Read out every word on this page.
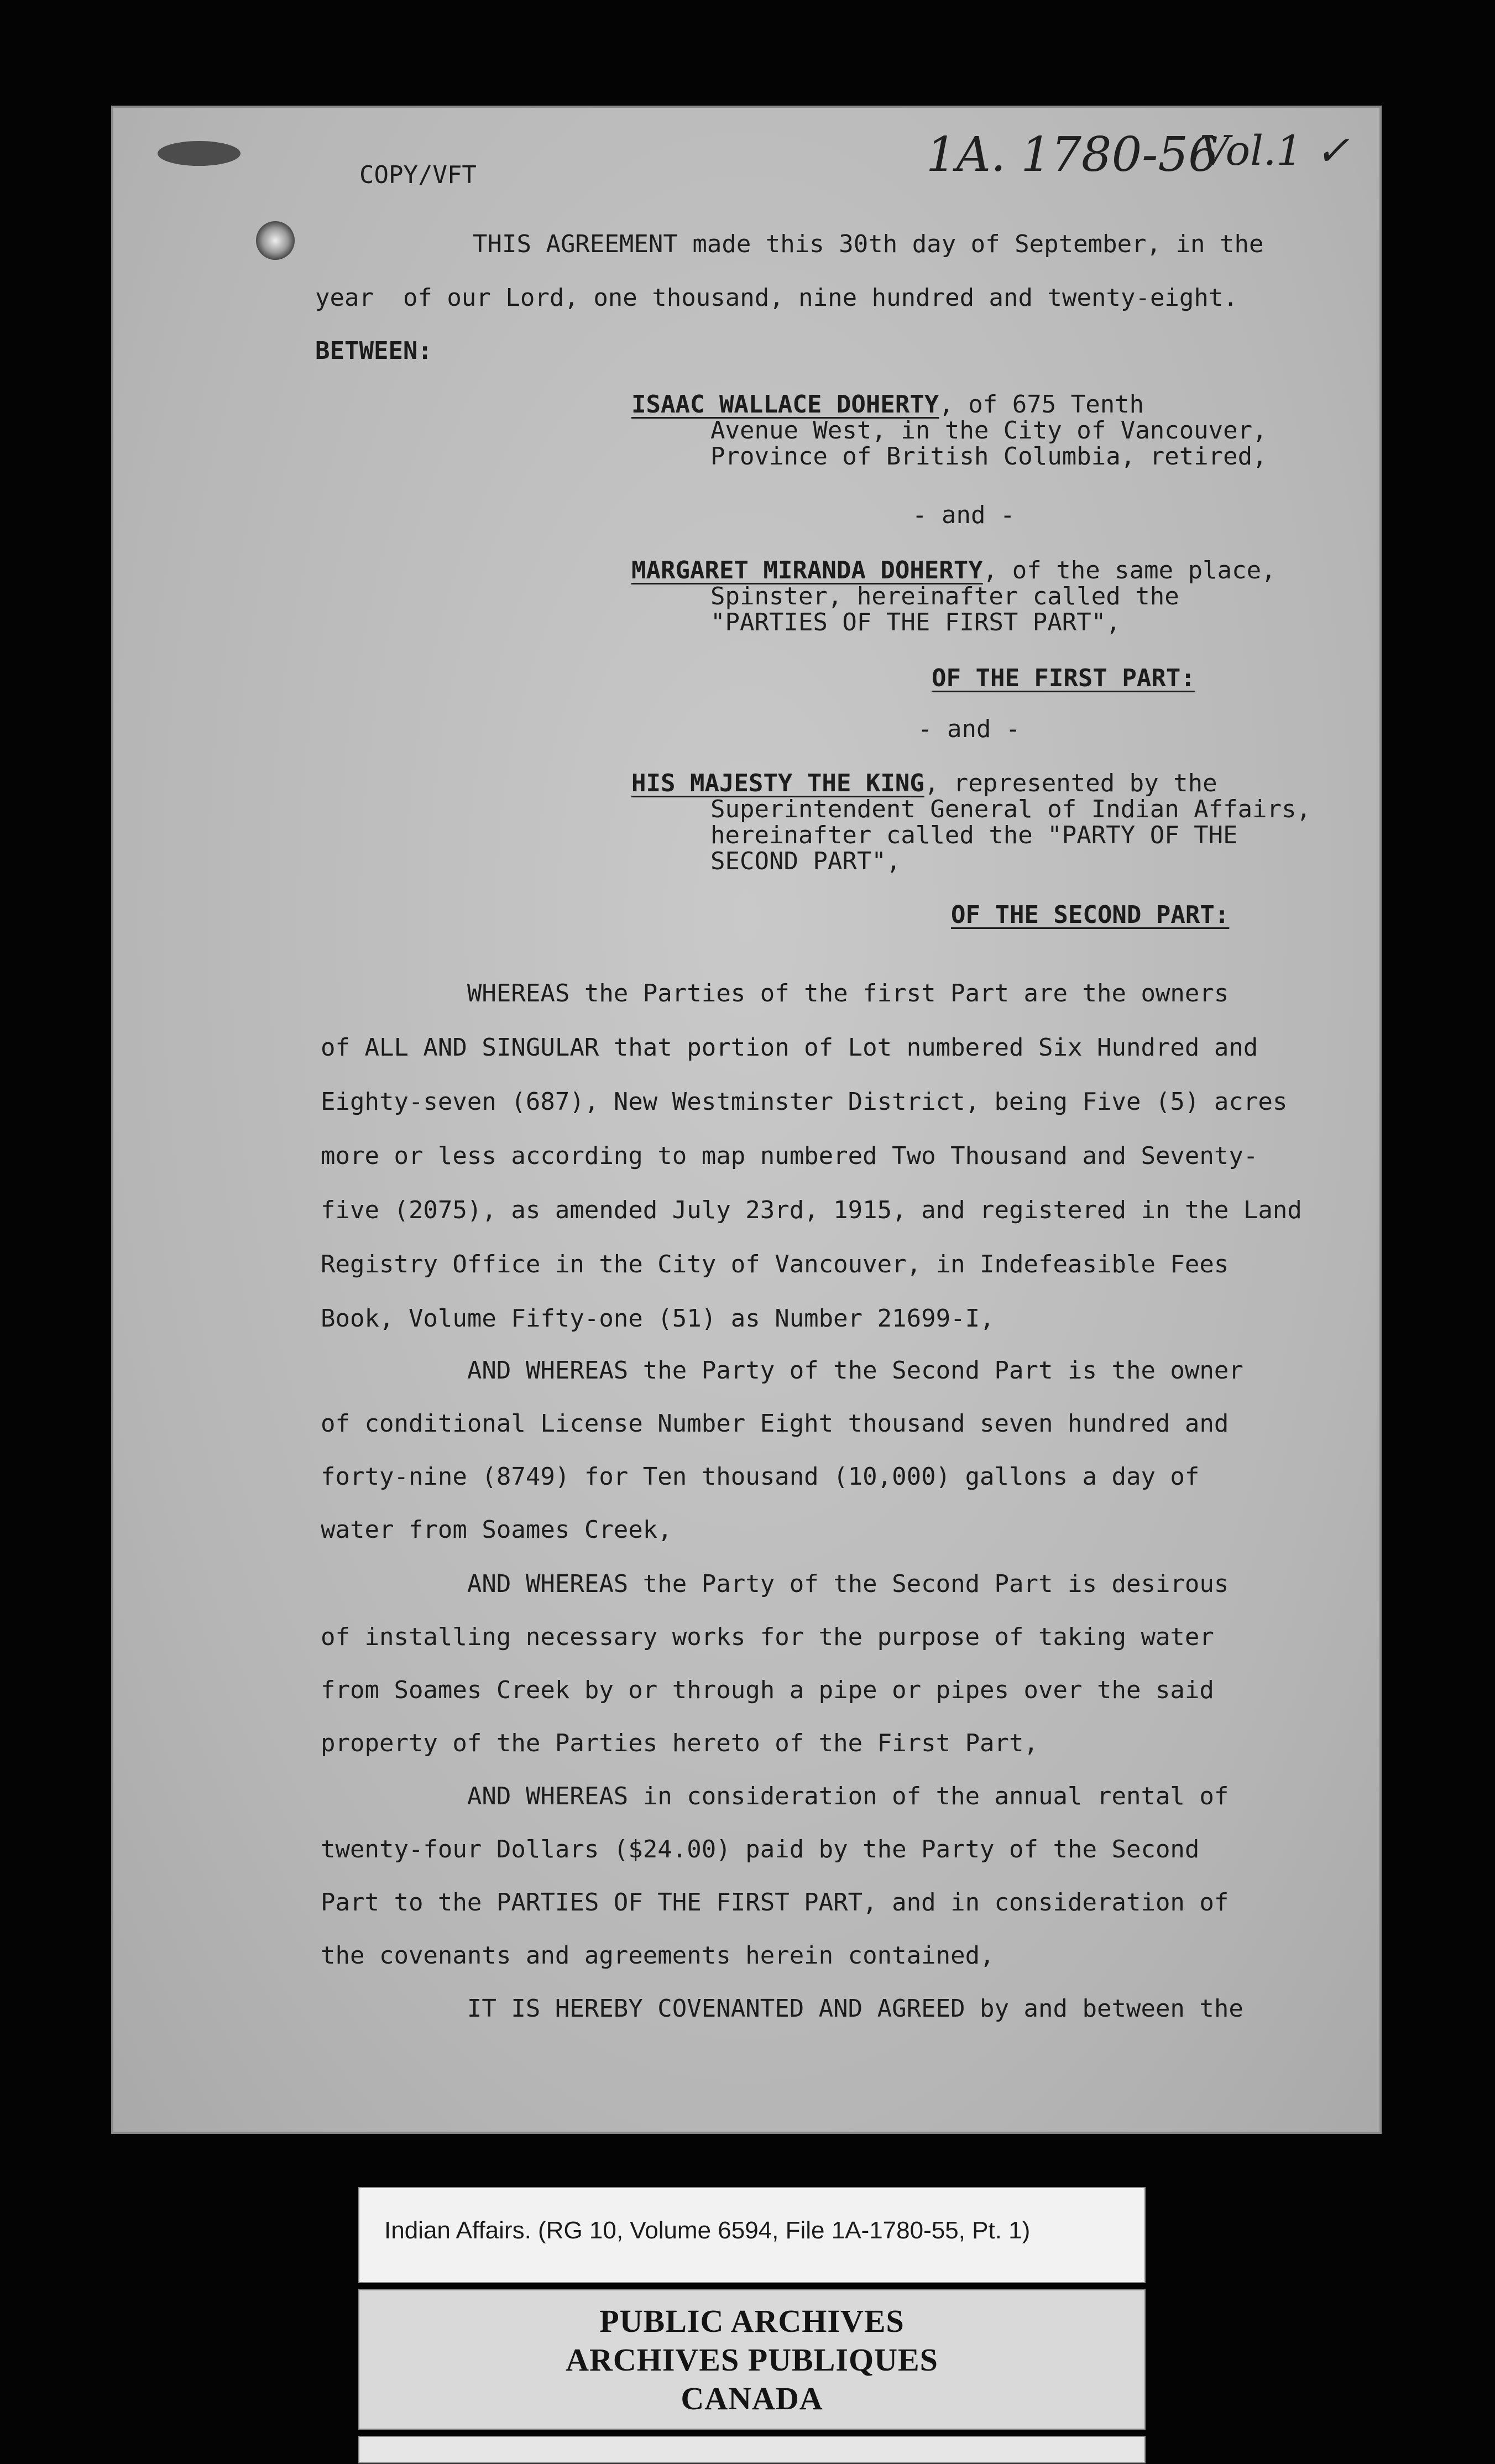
COPY/VFT	1A. 1780-56
Vol.1 ✓
THIS AGREEMENT made this 30th day of September, in the
year  of our Lord, one thousand, nine hundred and twenty-eight.
BETWEEN:
ISAAC WALLACE DOHERTY, of 675 Tenth
Avenue West, in the City of Vancouver,
Province of British Columbia, retired,
- and -
MARGARET MIRANDA DOHERTY, of the same place,
Spinster, hereinafter called the
"PARTIES OF THE FIRST PART",
OF THE FIRST PART:
- and -
HIS MAJESTY THE KING, represented by the
Superintendent General of Indian Affairs,
hereinafter called the "PARTY OF THE
SECOND PART",
OF THE SECOND PART:
WHEREAS the Parties of the first Part are the owners
of ALL AND SINGULAR that portion of Lot numbered Six Hundred and
Eighty-seven (687), New Westminster District, being Five (5) acres
more or less according to map numbered Two Thousand and Seventy-
five (2075), as amended July 23rd, 1915, and registered in the Land
Registry Office in the City of Vancouver, in Indefeasible Fees
Book, Volume Fifty-one (51) as Number 21699-I,
AND WHEREAS the Party of the Second Part is the owner
of conditional License Number Eight thousand seven hundred and
forty-nine (8749) for Ten thousand (10,000) gallons a day of
water from Soames Creek,
AND WHEREAS the Party of the Second Part is desirous
of installing necessary works for the purpose of taking water
from Soames Creek by or through a pipe or pipes over the said
property of the Parties hereto of the First Part,
AND WHEREAS in consideration of the annual rental of
twenty-four Dollars ($24.00) paid by the Party of the Second
Part to the PARTIES OF THE FIRST PART, and in consideration of
the covenants and agreements herein contained,
IT IS HEREBY COVENANTED AND AGREED by and between the
Indian Affairs. (RG 10, Volume 6594, File 1A-1780-55, Pt. 1)
PUBLIC ARCHIVES
ARCHIVES PUBLIQUES
CANADA
